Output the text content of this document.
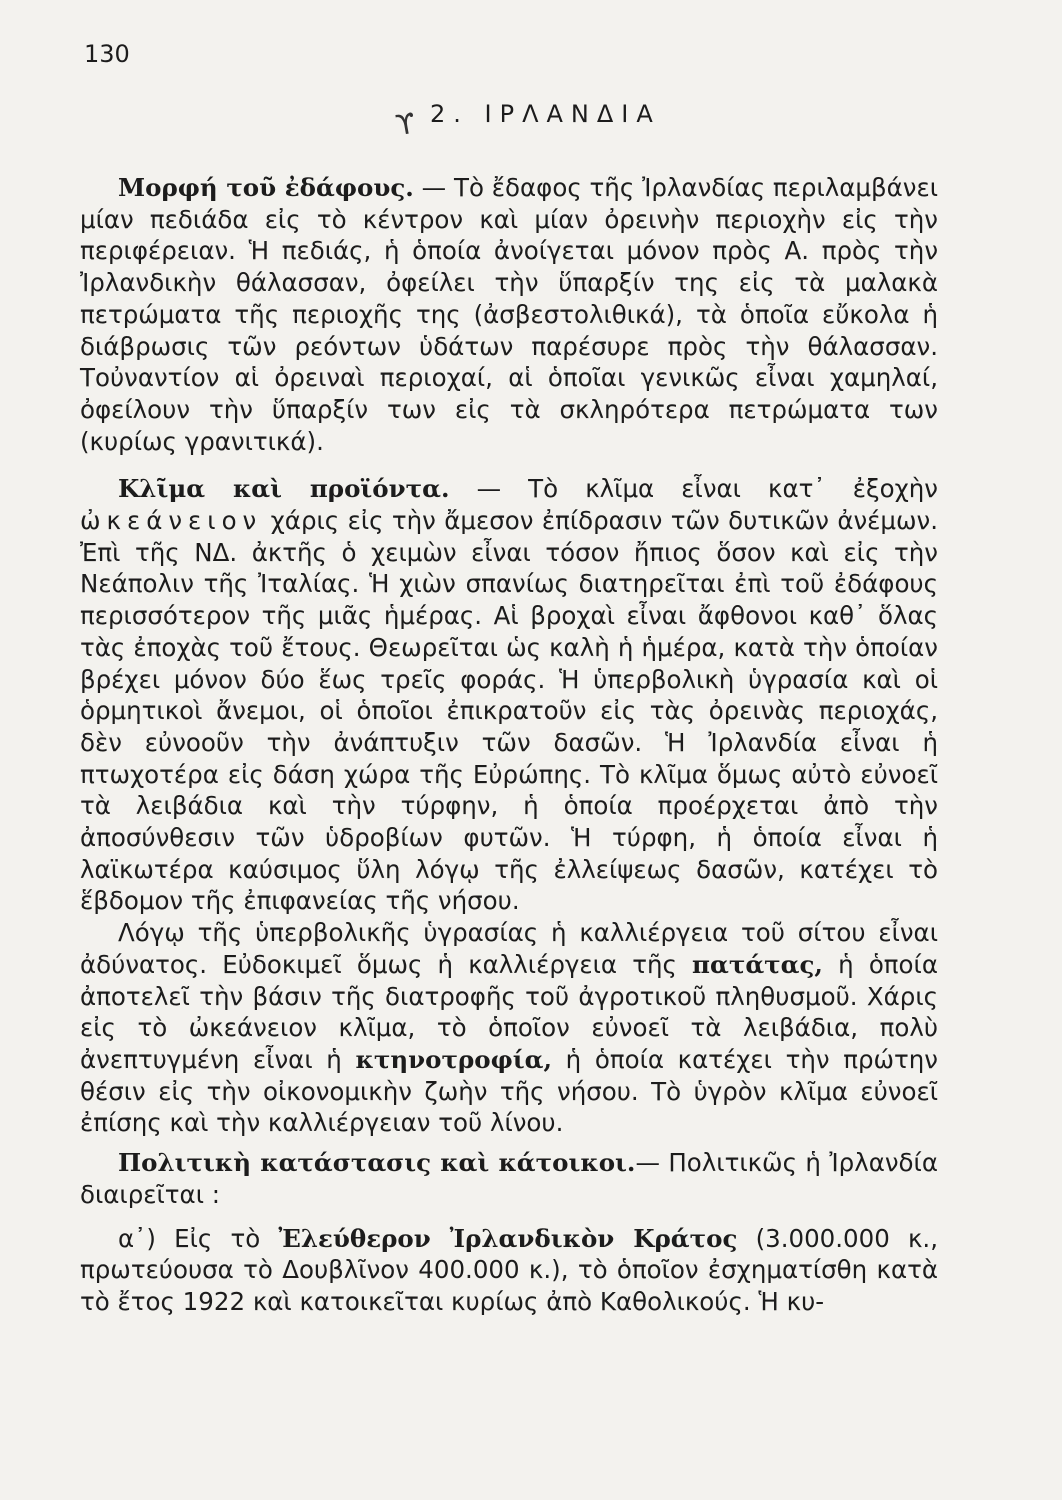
130
ϒ 2. ΙΡΛΑΝΔΙΑ

Μορφή τοῦ ἐδάφους. — Τὸ ἔδαφος τῆς Ἰρλανδίας περιλαμβάνει μίαν πεδιάδα εἰς τὸ κέντρον καὶ μίαν ὀρεινὴν περιοχὴν εἰς τὴν περιφέρειαν. Ἡ πεδιάς, ἡ ὁποία ἀνοίγεται μόνον πρὸς Α. πρὸς τὴν Ἰρλανδικὴν θάλασσαν, ὀφείλει τὴν ὕπαρξίν της εἰς τὰ μαλακὰ πετρώματα τῆς περιοχῆς της (ἀσβεστολιθικά), τὰ ὁποῖα εὔκολα ἡ διάβρωσις τῶν ρεόντων ὑδάτων παρέσυρε πρὸς τὴν θάλασσαν. Τοὐναντίον αἱ ὀρειναὶ περιοχαί, αἱ ὁποῖαι γενικῶς εἶναι χαμηλαί, ὀφείλουν τὴν ὕπαρξίν των εἰς τὰ σκληρότερα πετρώματα των (κυρίως γρανιτικά).

Κλῖμα καὶ προϊόντα. — Τὸ κλῖμα εἶναι κατ᾽ ἐξοχὴν ὠκεάνειον χάρις εἰς τὴν ἄμεσον ἐπίδρασιν τῶν δυτικῶν ἀνέμων. Ἐπὶ τῆς ΝΔ. ἀκτῆς ὁ χειμὼν εἶναι τόσον ἤπιος ὅσον καὶ εἰς τὴν Νεάπολιν τῆς Ἰταλίας. Ἡ χιὼν σπανίως διατηρεῖται ἐπὶ τοῦ ἐδάφους περισσότερον τῆς μιᾶς ἡμέρας. Αἱ βροχαὶ εἶναι ἄφθονοι καθ᾽ ὅλας τὰς ἐποχὰς τοῦ ἔτους. Θεωρεῖται ὡς καλὴ ἡ ἡμέρα, κατὰ τὴν ὁποίαν βρέχει μόνον δύο ἕως τρεῖς φοράς. Ἡ ὑπερβολικὴ ὑγρασία καὶ οἱ ὁρμητικοὶ ἄνεμοι, οἱ ὁποῖοι ἐπικρατοῦν εἰς τὰς ὀρεινὰς περιοχάς, δὲν εὐνοοῦν τὴν ἀνάπτυξιν τῶν δασῶν. Ἡ Ἰρλανδία εἶναι ἡ πτωχοτέρα εἰς δάση χώρα τῆς Εὐρώπης. Τὸ κλῖμα ὅμως αὐτὸ εὐνοεῖ τὰ λειβάδια καὶ τὴν τύρφην, ἡ ὁποία προέρχεται ἀπὸ τὴν ἀποσύνθεσιν τῶν ὑδροβίων φυτῶν. Ἡ τύρφη, ἡ ὁποία εἶναι ἡ λαϊκωτέρα καύσιμος ὕλη λόγῳ τῆς ἐλλείψεως δασῶν, κατέχει τὸ ἕβδομον τῆς ἐπιφανείας τῆς νήσου.

Λόγῳ τῆς ὑπερβολικῆς ὑγρασίας ἡ καλλιέργεια τοῦ σίτου εἶναι ἀδύνατος. Εὐδοκιμεῖ ὅμως ἡ καλλιέργεια τῆς πατάτας, ἡ ὁποία ἀποτελεῖ τὴν βάσιν τῆς διατροφῆς τοῦ ἀγροτικοῦ πληθυσμοῦ. Χάρις εἰς τὸ ὠκεάνειον κλῖμα, τὸ ὁποῖον εὐνοεῖ τὰ λειβάδια, πολὺ ἀνεπτυγμένη εἶναι ἡ κτηνοτροφία, ἡ ὁποία κατέχει τὴν πρώτην θέσιν εἰς τὴν οἰκονομικὴν ζωὴν τῆς νήσου. Τὸ ὑγρὸν κλῖμα εὐνοεῖ ἐπίσης καὶ τὴν καλλιέργειαν τοῦ λίνου.

Πολιτικὴ κατάστασις καὶ κάτοικοι.— Πολιτικῶς ἡ Ἰρλανδία διαιρεῖται :

α᾽) Εἰς τὸ Ἐλεύθερον Ἰρλανδικὸν Κράτος (3.000.000 κ., πρωτεύουσα τὸ Δουβλῖνον 400.000 κ.), τὸ ὁποῖον ἐσχηματίσθη κατὰ τὸ ἔτος 1922 καὶ κατοικεῖται κυρίως ἀπὸ Καθολικούς. Ἡ κυ-
